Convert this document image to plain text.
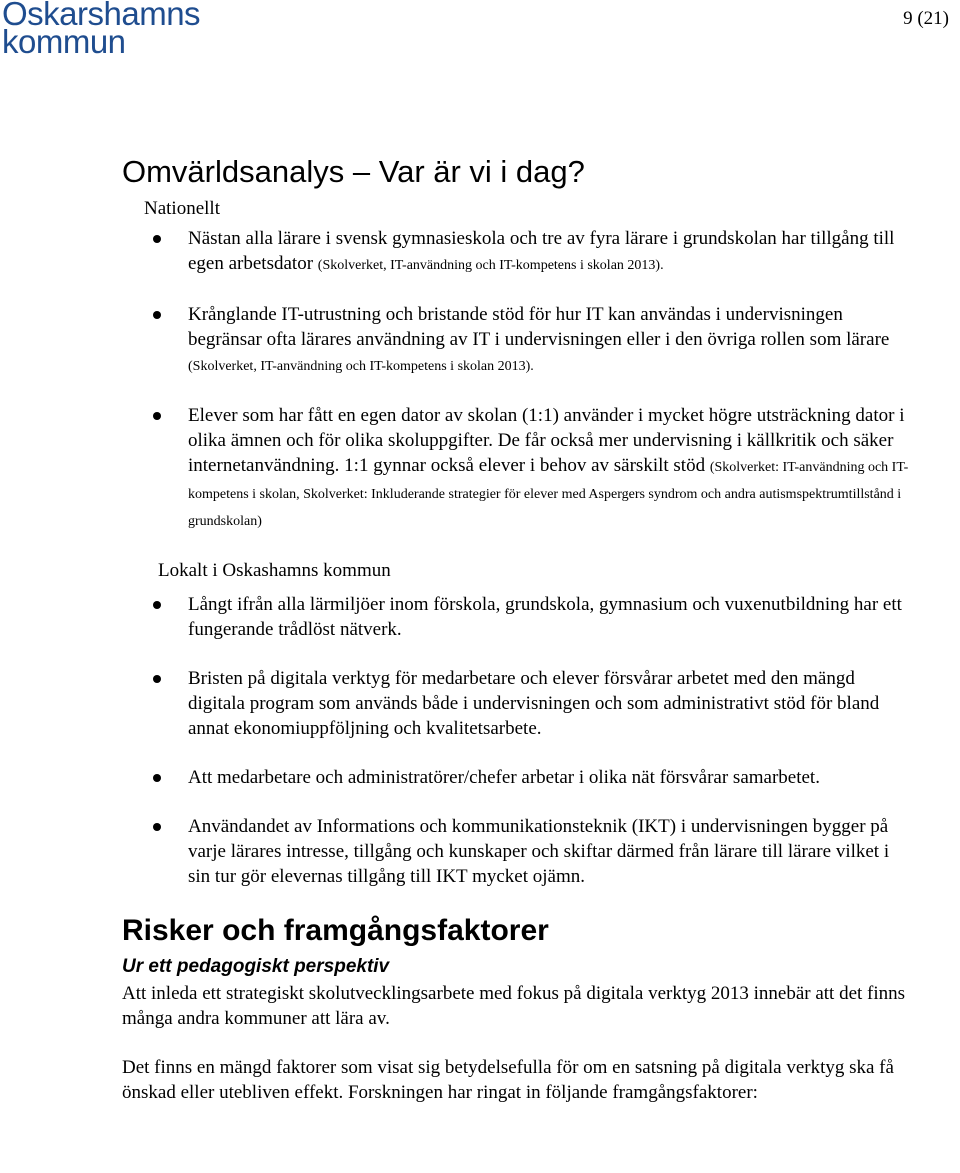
Oskarshamns
kommun
9 (21)
Omvärldsanalys – Var är vi i dag?

Nationellt

Nästan alla lärare i svensk gymnasieskola och tre av fyra lärare i grundskolan har tillgång till egen arbetsdator (Skolverket, IT-användning och IT-kompetens i skolan 2013).
Krånglande IT-utrustning och bristande stöd för hur IT kan användas i undervisningen begränsar ofta lärares användning av IT i undervisningen eller i den övriga rollen som lärare (Skolverket, IT-användning och IT-kompetens i skolan 2013).
Elever som har fått en egen dator av skolan (1:1) använder i mycket högre utsträckning dator i olika ämnen och för olika skoluppgifter. De får också mer undervisning i källkritik och säker internetanvändning. 1:1 gynnar också elever i behov av särskilt stöd (Skolverket: IT-användning och IT-kompetens i skolan, Skolverket: Inkluderande strategier för elever med Aspergers syndrom och andra autismspektrumtillstånd i grundskolan)

Lokalt i Oskashamns kommun

Långt ifrån alla lärmiljöer inom förskola, grundskola, gymnasium och vuxenutbildning har ett fungerande trådlöst nätverk.
Bristen på digitala verktyg för medarbetare och elever försvårar arbetet med den mängd digitala program som används både i undervisningen och som administrativt stöd för bland annat ekonomiuppföljning och kvalitetsarbete.
Att medarbetare och administratörer/chefer arbetar i olika nät försvårar samarbetet.
Användandet av Informations och kommunikationsteknik (IKT) i undervisningen bygger på varje lärares intresse, tillgång och kunskaper och skiftar därmed från lärare till lärare vilket i sin tur gör elevernas tillgång till IKT mycket ojämn.
Risker och framgångsfaktorer

Ur ett pedagogiskt perspektiv

Att inleda ett strategiskt skolutvecklingsarbete med fokus på digitala verktyg 2013 innebär att det finns många andra kommuner att lära av.

Det finns en mängd faktorer som visat sig betydelsefulla för om en satsning på digitala verktyg ska få önskad eller utebliven effekt. Forskningen har ringat in följande framgångsfaktorer:
